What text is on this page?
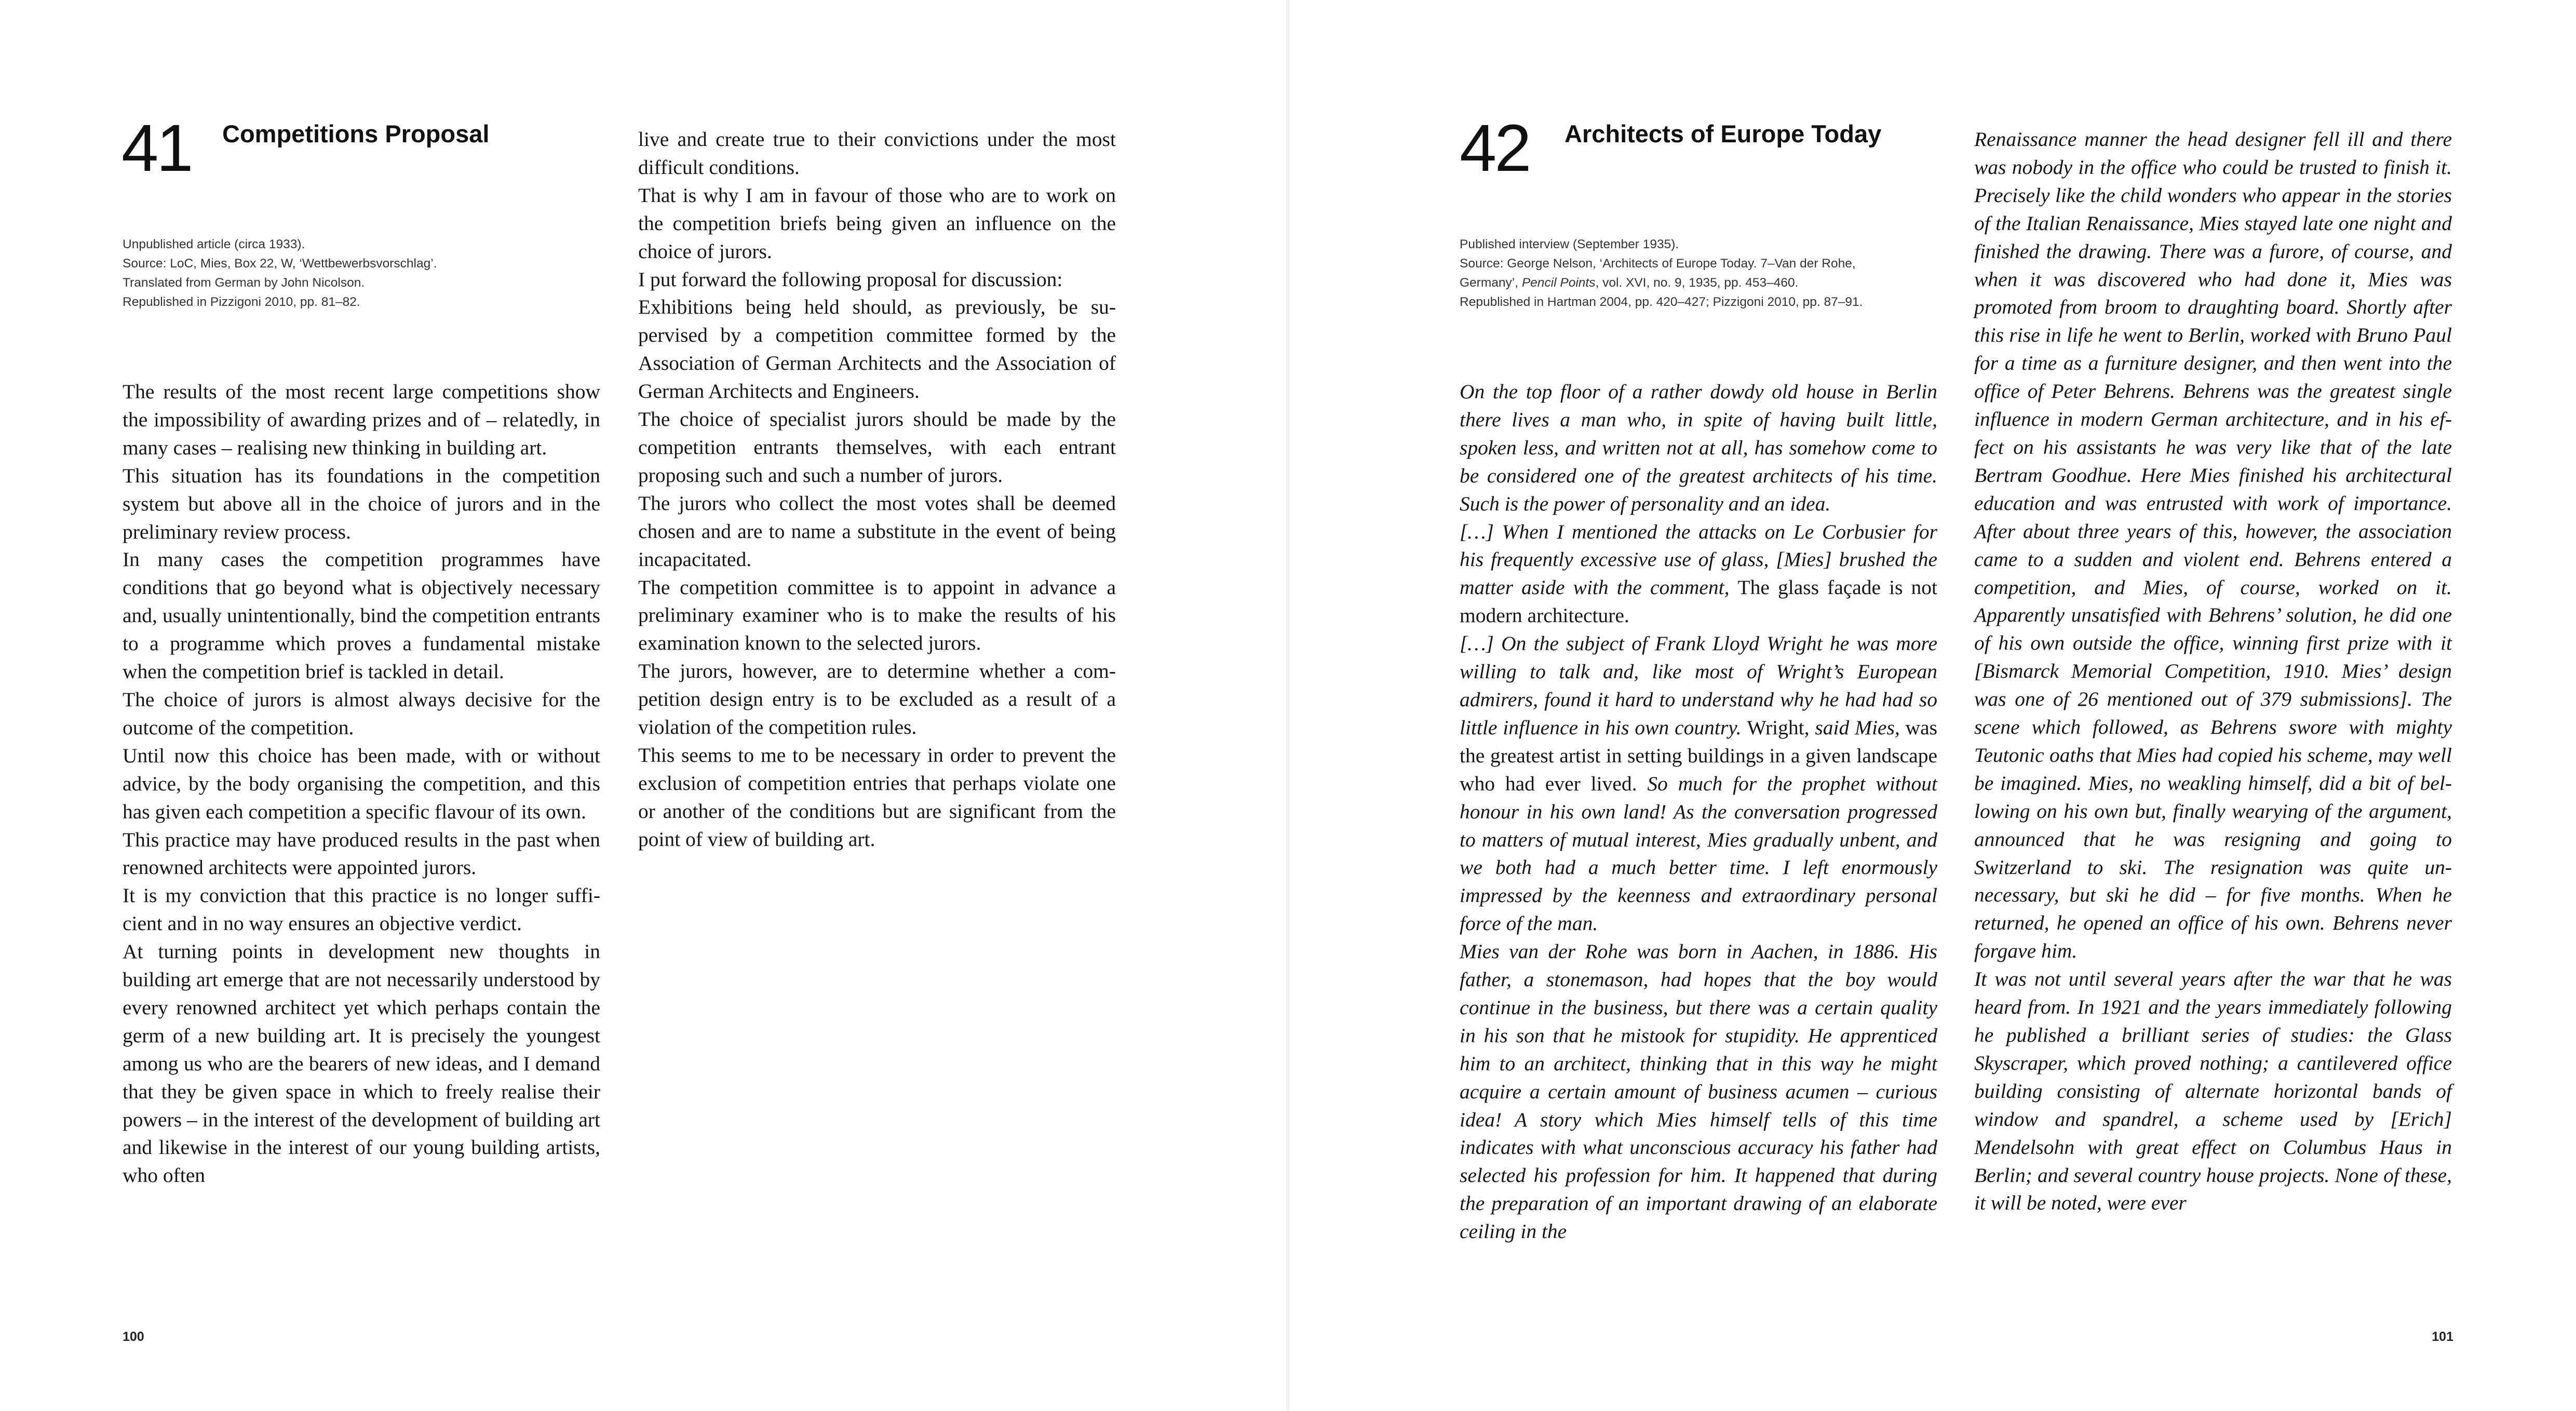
41 Competitions Proposal
Unpublished article (circa 1933).
Source: LoC, Mies, Box 22, W, ‘Wettbewerbsvorschlag’.
Translated from German by John Nicolson.
Republished in Pizzigoni 2010, pp. 81–82.

The results of the most recent large competitions show the impossibility of awarding prizes and of – relatedly, in many cases – realising new thinking in building art.

This situation has its foundations in the competition system but above all in the choice of jurors and in the preliminary review process.

In many cases the competition programmes have conditions that go beyond what is objectively necessary and, usually unintentionally, bind the competition entrants to a programme which proves a fundamental mistake when the competition brief is tackled in detail.

The choice of jurors is almost always decisive for the outcome of the competition.

Until now this choice has been made, with or without advice, by the body organising the competition, and this has given each competition a specific flavour of its own.

This practice may have produced results in the past when renowned architects were appointed jurors.

It is my conviction that this practice is no longer sufficient and in no way ensures an objective verdict.

At turning points in development new thoughts in building art emerge that are not necessarily understood by every renowned architect yet which perhaps contain the germ of a new building art. It is precisely the youngest among us who are the bearers of new ideas, and I demand that they be given space in which to freely realise their powers – in the interest of the development of building art and likewise in the interest of our young building artists, who often

live and create true to their convictions under the most difficult conditions.

That is why I am in favour of those who are to work on the competition briefs being given an influence on the choice of jurors.

I put forward the following proposal for discussion:

Exhibitions being held should, as previously, be supervised by a competition committee formed by the Association of German Architects and the Association of German Architects and Engineers.

The choice of specialist jurors should be made by the competition entrants themselves, with each entrant proposing such and such a number of jurors.

The jurors who collect the most votes shall be deemed chosen and are to name a substitute in the event of being incapacitated.

The competition committee is to appoint in advance a preliminary examiner who is to make the results of his examination known to the selected jurors.

The jurors, however, are to determine whether a competition design entry is to be excluded as a result of a violation of the competition rules.

This seems to me to be necessary in order to prevent the exclusion of competition entries that perhaps violate one or another of the conditions but are significant from the point of view of building art.

100
42 Architects of Europe Today
Published interview (September 1935).
Source: George Nelson, ‘Architects of Europe Today. 7–Van der Rohe,
Germany’, Pencil Points, vol. XVI, no. 9, 1935, pp. 453–460.
Republished in Hartman 2004, pp. 420–427; Pizzigoni 2010, pp. 87–91.

On the top floor of a rather dowdy old house in Berlin there lives a man who, in spite of having built little, spoken less, and written not at all, has somehow come to be considered one of the greatest architects of his time. Such is the power of personality and an idea.

[…] When I mentioned the attacks on Le Corbusier for his frequently excessive use of glass, [Mies] brushed the matter aside with the comment, The glass façade is not modern architecture.

[…] On the subject of Frank Lloyd Wright he was more willing to talk and, like most of Wright’s European admirers, found it hard to understand why he had had so little influence in his own country. Wright, said Mies, was the greatest artist in setting buildings in a given landscape who had ever lived. So much for the prophet without honour in his own land! As the conversation progressed to matters of mutual interest, Mies gradually unbent, and we both had a much better time. I left enormously impressed by the keenness and extraordinary personal force of the man.

Mies van der Rohe was born in Aachen, in 1886. His father, a stonemason, had hopes that the boy would continue in the business, but there was a certain quality in his son that he mistook for stupidity. He apprenticed him to an architect, thinking that in this way he might acquire a certain amount of business acumen – curious idea! A story which Mies himself tells of this time indicates with what unconscious accuracy his father had selected his profession for him. It happened that during the preparation of an important drawing of an elaborate ceiling in the

Renaissance manner the head designer fell ill and there was nobody in the office who could be trusted to finish it. Precisely like the child wonders who appear in the stories of the Italian Renaissance, Mies stayed late one night and finished the drawing. There was a furore, of course, and when it was discovered who had done it, Mies was promoted from broom to draughting board. Shortly after this rise in life he went to Berlin, worked with Bruno Paul for a time as a furniture designer, and then went into the office of Peter Behrens. Behrens was the greatest single influence in modern German architecture, and in his effect on his assistants he was very like that of the late Bertram Goodhue. Here Mies finished his architectural education and was entrusted with work of importance. After about three years of this, however, the association came to a sudden and violent end. Behrens entered a competition, and Mies, of course, worked on it. Apparently unsatisfied with Behrens’ solution, he did one of his own outside the office, winning first prize with it [Bismarck Memorial Competition, 1910. Mies’ design was one of 26 mentioned out of 379 submissions]. The scene which followed, as Behrens swore with mighty Teutonic oaths that Mies had copied his scheme, may well be imagined. Mies, no weakling himself, did a bit of bellowing on his own but, finally wearying of the argument, announced that he was resigning and going to Switzerland to ski. The resignation was quite unnecessary, but ski he did – for five months. When he returned, he opened an office of his own. Behrens never forgave him.

It was not until several years after the war that he was heard from. In 1921 and the years immediately following he published a brilliant series of studies: the Glass Skyscraper, which proved nothing; a cantilevered office building consisting of alternate horizontal bands of window and spandrel, a scheme used by [Erich] Mendelsohn with great effect on Columbus Haus in Berlin; and several country house projects. None of these, it will be noted, were ever

101
